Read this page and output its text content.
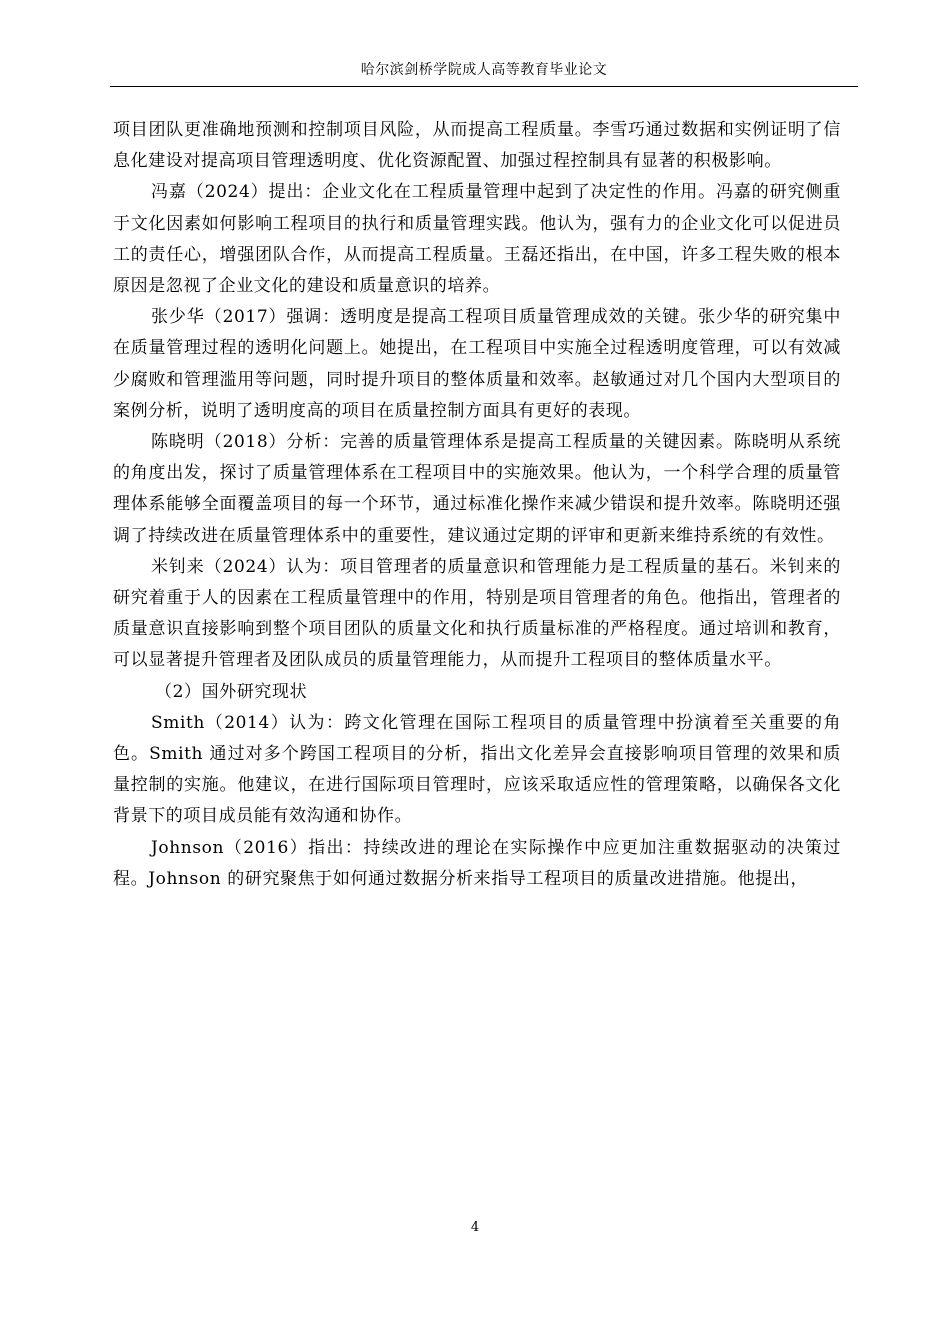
哈尔滨剑桥学院成人高等教育毕业论文

项目团队更准确地预测和控制项目风险，从而提高工程质量。李雪巧通过数据和实例证明了信息化建设对提高项目管理透明度、优化资源配置、加强过程控制具有显著的积极影响。

冯嘉（2024）提出：企业文化在工程质量管理中起到了决定性的作用。冯嘉的研究侧重于文化因素如何影响工程项目的执行和质量管理实践。他认为，强有力的企业文化可以促进员工的责任心，增强团队合作，从而提高工程质量。王磊还指出，在中国，许多工程失败的根本原因是忽视了企业文化的建设和质量意识的培养。

张少华（2017）强调：透明度是提高工程项目质量管理成效的关键。张少华的研究集中在质量管理过程的透明化问题上。她提出，在工程项目中实施全过程透明度管理，可以有效减少腐败和管理滥用等问题，同时提升项目的整体质量和效率。赵敏通过对几个国内大型项目的案例分析，说明了透明度高的项目在质量控制方面具有更好的表现。

陈晓明（2018）分析：完善的质量管理体系是提高工程质量的关键因素。陈晓明从系统的角度出发，探讨了质量管理体系在工程项目中的实施效果。他认为，一个科学合理的质量管理体系能够全面覆盖项目的每一个环节，通过标准化操作来减少错误和提升效率。陈晓明还强调了持续改进在质量管理体系中的重要性，建议通过定期的评审和更新来维持系统的有效性。

米钊来（2024）认为：项目管理者的质量意识和管理能力是工程质量的基石。米钊来的研究着重于人的因素在工程质量管理中的作用，特别是项目管理者的角色。他指出，管理者的质量意识直接影响到整个项目团队的质量文化和执行质量标准的严格程度。通过培训和教育，可以显著提升管理者及团队成员的质量管理能力，从而提升工程项目的整体质量水平。

（2）国外研究现状

Smith（2014）认为：跨文化管理在国际工程项目的质量管理中扮演着至关重要的角色。Smith 通过对多个跨国工程项目的分析，指出文化差异会直接影响项目管理的效果和质量控制的实施。他建议，在进行国际项目管理时，应该采取适应性的管理策略，以确保各文化背景下的项目成员能有效沟通和协作。

Johnson（2016）指出：持续改进的理论在实际操作中应更加注重数据驱动的决策过程。Johnson 的研究聚焦于如何通过数据分析来指导工程项目的质量改进措施。他提出，

4
